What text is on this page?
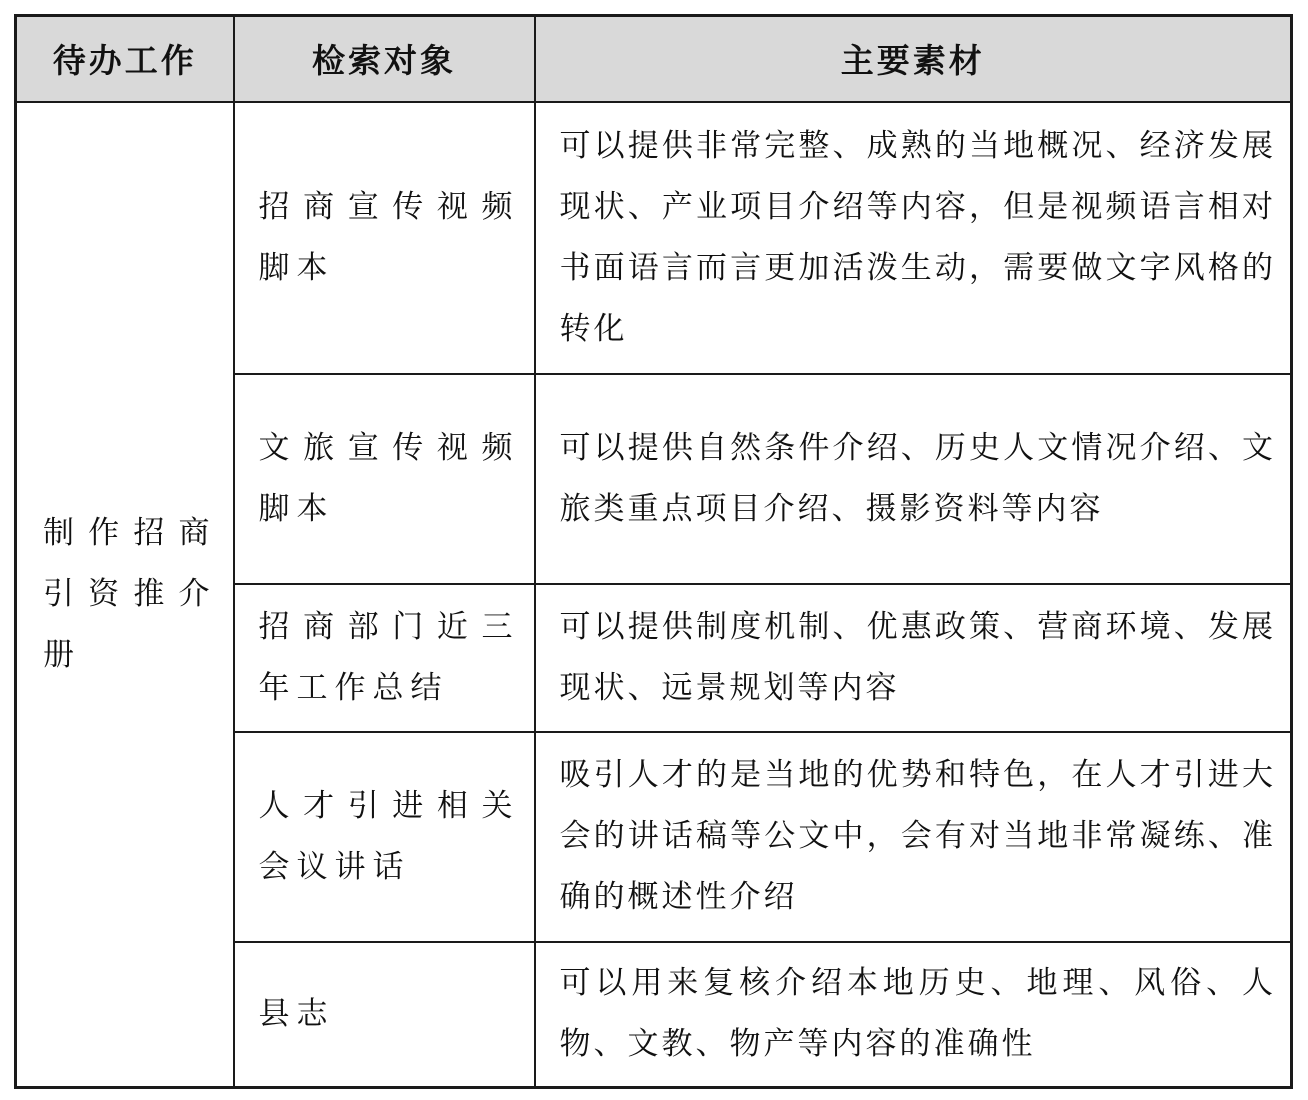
待办工作	检索对象	主要素材
制作招商引资推介册	招商宣传视频脚本	可以提供非常完整、成熟的当地概况、经济发展现状、产业项目介绍等内容，但是视频语言相对书面语言而言更加活泼生动，需要做文字风格的转化
	文旅宣传视频脚本	可以提供自然条件介绍、历史人文情况介绍、文旅类重点项目介绍、摄影资料等内容
	招商部门近三年工作总结	可以提供制度机制、优惠政策、营商环境、发展现状、远景规划等内容
	人才引进相关会议讲话	吸引人才的是当地的优势和特色，在人才引进大会的讲话稿等公文中，会有对当地非常凝练、准确的概述性介绍
	县志	可以用来复核介绍本地历史、地理、风俗、人物、文教、物产等内容的准确性
